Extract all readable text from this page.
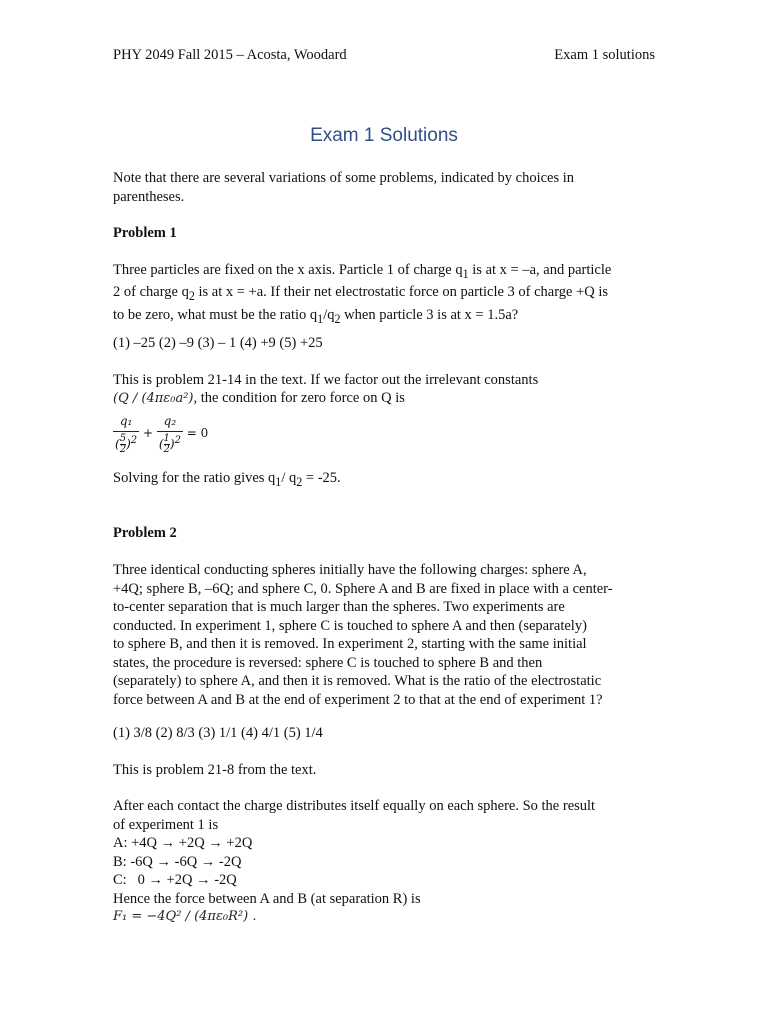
PHY 2049 Fall 2015 – Acosta, Woodard	Exam 1 solutions
Exam 1 Solutions

Note that there are several variations of some problems, indicated by choices in

parentheses.

Problem 1

Three particles are fixed on the x axis. Particle 1 of charge $q_1$ is at x = –a, and particle

2 of charge $q_2$ is at x = +a. If their net electrostatic force on particle 3 of charge +Q is

to be zero, what must be the ratio $q_1/q_2$ when particle 3 is at x = 1.5a?

(1) –25 (2) –9 (3) – 1 (4) +9 (5) +25
This is problem 21-14 in the text. If we factor out the irrelevant constants
(Q / (4πε₀a²), the condition for zero force on Q is
$\frac{\text{q₁}}{( \frac{5}{2} )^2} + \frac{\text{q₂}}{( \frac{1}{2} )^2} = 0$
Solving for the ratio gives $q_1/$ $q_2 = -25$.
Problem 2

Three identical conducting spheres initially have the following charges: sphere A,

+4Q; sphere B, –6Q; and sphere C, 0. Sphere A and B are fixed in place with a center-

to-center separation that is much larger than the spheres. Two experiments are

conducted. In experiment 1, sphere C is touched to sphere A and then (separately)

to sphere B, and then it is removed. In experiment 2, starting with the same initial

states, the procedure is reversed: sphere C is touched to sphere B and then

(separately) to sphere A, and then it is removed. What is the ratio of the electrostatic

force between A and B at the end of experiment 2 to that at the end of experiment 1?

(1) 3/8 (2) 8/3 (3) 1/1 (4) 4/1 (5) 1/4
This is problem 21-8 from the text.

After each contact the charge distributes itself equally on each sphere. So the result

of experiment 1 is

A: +4Q → +2Q → +2Q

B: -6Q → -6Q → -2Q

C:   0 → +2Q → -2Q

Hence the force between A and B (at separation R) is

F₁ = −4Q² / (4πε₀R²) .
